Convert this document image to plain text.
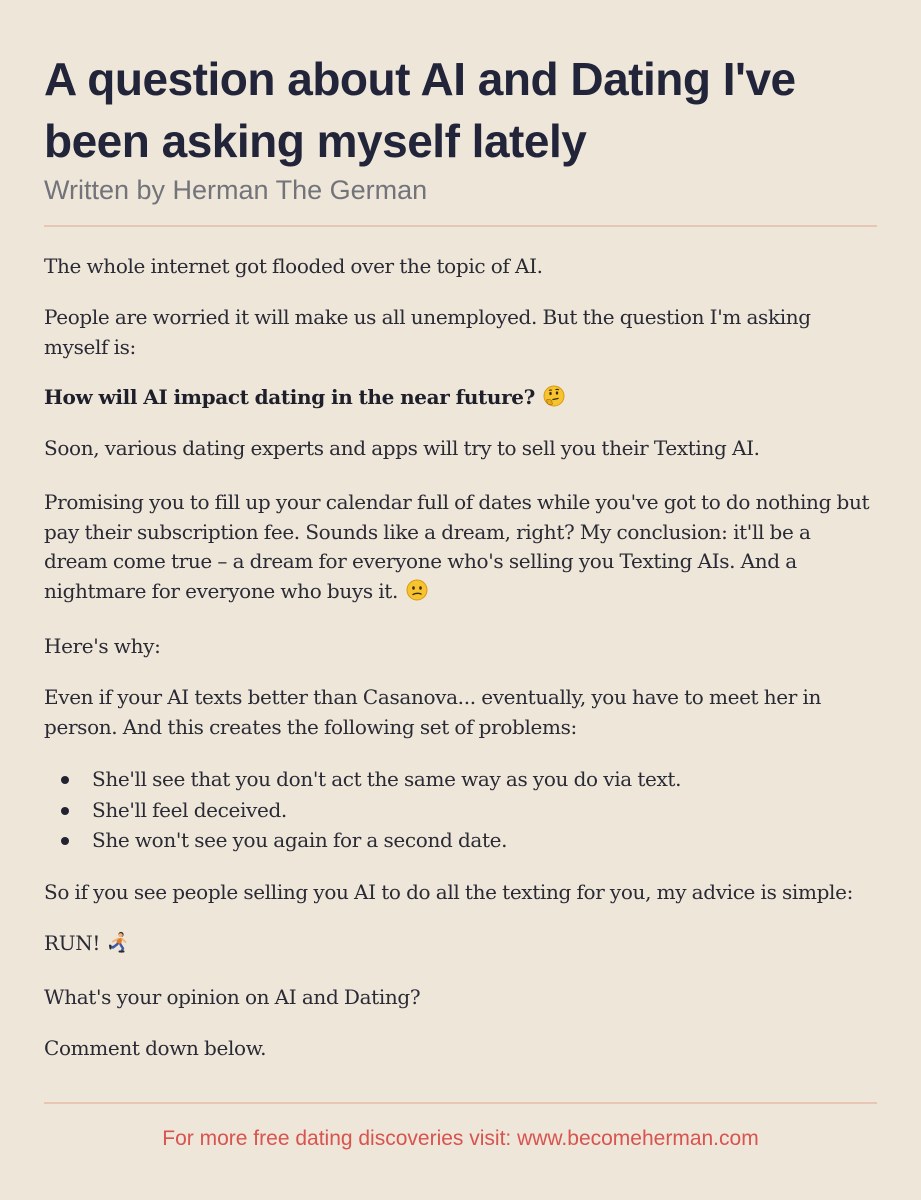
A question about AI and Dating I've been asking myself lately
Written by Herman The German

The whole internet got flooded over the topic of AI.

People are worried it will make us all unemployed. But the question I'm asking myself is:

How will AI impact dating in the near future?

Soon, various dating experts and apps will try to sell you their Texting AI.

Promising you to fill up your calendar full of dates while you've got to do nothing but pay their subscription fee. Sounds like a dream, right? My conclusion: it'll be a dream come true – a dream for everyone who's selling you Texting AIs. And a nightmare for everyone who buys it.

Here's why:

Even if your AI texts better than Casanova... eventually, you have to meet her in person. And this creates the following set of problems:

She'll see that you don't act the same way as you do via text.
She'll feel deceived.
She won't see you again for a second date.

So if you see people selling you AI to do all the texting for you, my advice is simple:

RUN!

What's your opinion on AI and Dating?

Comment down below.

For more free dating discoveries visit: www.becomeherman.com
